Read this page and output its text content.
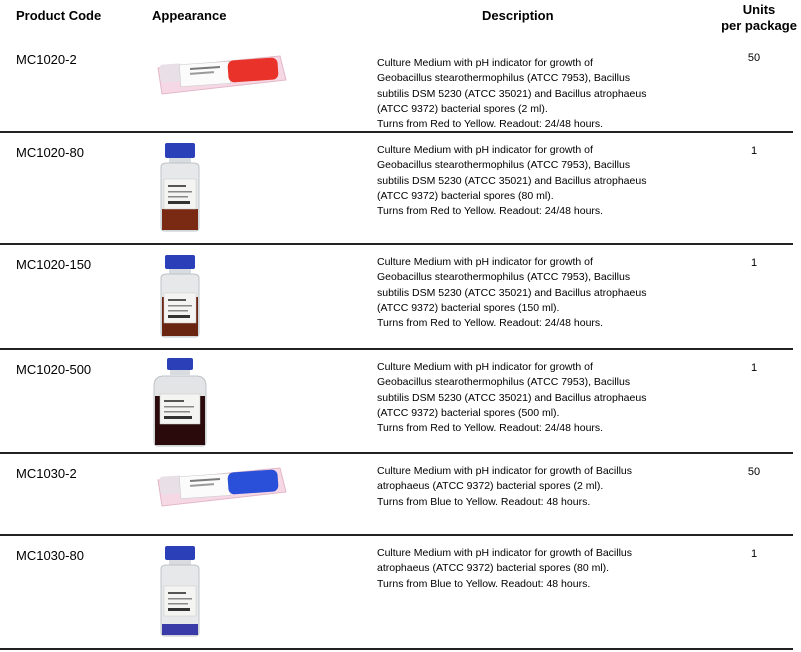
Product Code	Appearance	Description	Units
per package
MC1020-2	Culture Medium with pH indicator for growth of
Geobacillus stearothermophilus (ATCC 7953), Bacillus
subtilis DSM 5230 (ATCC 35021) and Bacillus atrophaeus
(ATCC 9372) bacterial spores (2 ml).
Turns from Red to Yellow. Readout: 24/48 hours.
50
MC1020-80	Culture Medium with pH indicator for growth of
Geobacillus stearothermophilus (ATCC 7953), Bacillus
subtilis DSM 5230 (ATCC 35021) and Bacillus atrophaeus
(ATCC 9372) bacterial spores (80 ml).
Turns from Red to Yellow. Readout: 24/48 hours.
1
MC1020-150	Culture Medium with pH indicator for growth of
Geobacillus stearothermophilus (ATCC 7953), Bacillus
subtilis DSM 5230 (ATCC 35021) and Bacillus atrophaeus
(ATCC 9372) bacterial spores (150 ml).
Turns from Red to Yellow. Readout: 24/48 hours.
1
MC1020-500	Culture Medium with pH indicator for growth of
Geobacillus stearothermophilus (ATCC 7953), Bacillus
subtilis DSM 5230 (ATCC 35021) and Bacillus atrophaeus
(ATCC 9372) bacterial spores (500 ml).
Turns from Red to Yellow. Readout: 24/48 hours.
1
MC1030-2	Culture Medium with pH indicator for growth of Bacillus
atrophaeus (ATCC 9372) bacterial spores (2 ml).
Turns from Blue to Yellow. Readout: 48 hours.
50
MC1030-80	Culture Medium with pH indicator for growth of Bacillus
atrophaeus (ATCC 9372) bacterial spores (80 ml).
Turns from Blue to Yellow. Readout: 48 hours.
1
